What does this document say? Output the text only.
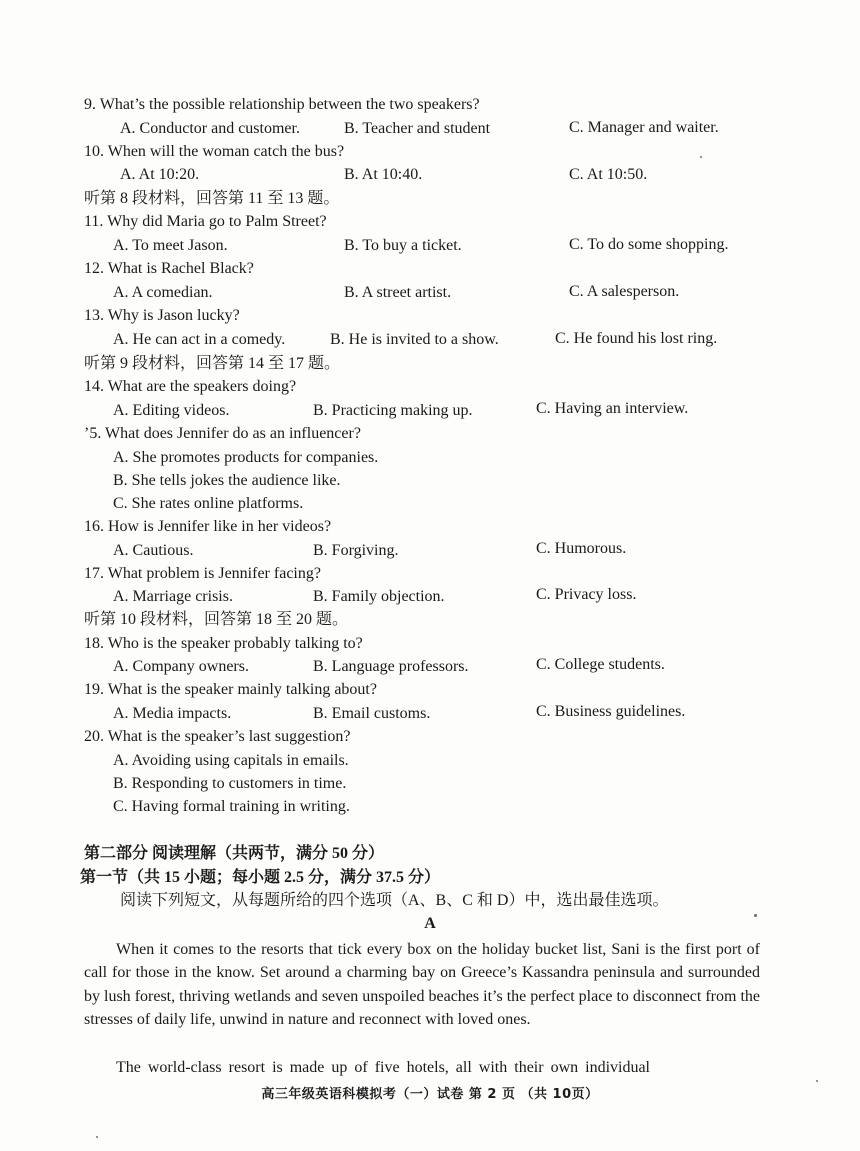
9. What’s the possible relationship between the two speakers?
A. Conductor and customer.	B. Teacher and student	C. Manager and waiter.
10. When will the woman catch the bus?
A. At 10:20.	B. At 10:40.	C. At 10:50.
听第 8 段材料，回答第 11 至 13 题。
11. Why did Maria go to Palm Street?
A. To meet Jason.	B. To buy a ticket.	C. To do some shopping.
12. What is Rachel Black?
A. A comedian.	B. A street artist.	C. A salesperson.
13. Why is Jason lucky?
A. He can act in a comedy.	B. He is invited to a show.	C. He found his lost ring.
听第 9 段材料，回答第 14 至 17 题。
14. What are the speakers doing?
A. Editing videos.	B. Practicing making up.	C. Having an interview.
’5. What does Jennifer do as an influencer?
A. She promotes products for companies.
B. She tells jokes the audience like.
C. She rates online platforms.
16. How is Jennifer like in her videos?
A. Cautious.	B. Forgiving.	C. Humorous.
17. What problem is Jennifer facing?
A. Marriage crisis.	B. Family objection.	C. Privacy loss.
听第 10 段材料，回答第 18 至 20 题。
18. Who is the speaker probably talking to?
A. Company owners.	B. Language professors.	C. College students.
19. What is the speaker mainly talking about?
A. Media impacts.	B. Email customs.	C. Business guidelines.
20. What is the speaker’s last suggestion?
A. Avoiding using capitals in emails.
B. Responding to customers in time.
C. Having formal training in writing.
第二部分 阅读理解（共两节，满分 50 分）
第一节（共 15 小题；每小题 2.5 分，满分 37.5 分）
阅读下列短文，从每题所给的四个选项（A、B、C 和 D）中，选出最佳选项。
A
When it comes to the resorts that tick every box on the holiday bucket list, Sani is the first port of call for those in the know. Set around a charming bay on Greece’s Kassandra peninsula and surrounded by lush forest, thriving wetlands and seven unspoiled beaches it’s the perfect place to disconnect from the stresses of daily life, unwind in nature and reconnect with loved ones.
The world-class resort is made up of five hotels, all with their own individual
高三年级英语科模拟考（一）试卷 第 2 页 （共 10页）
